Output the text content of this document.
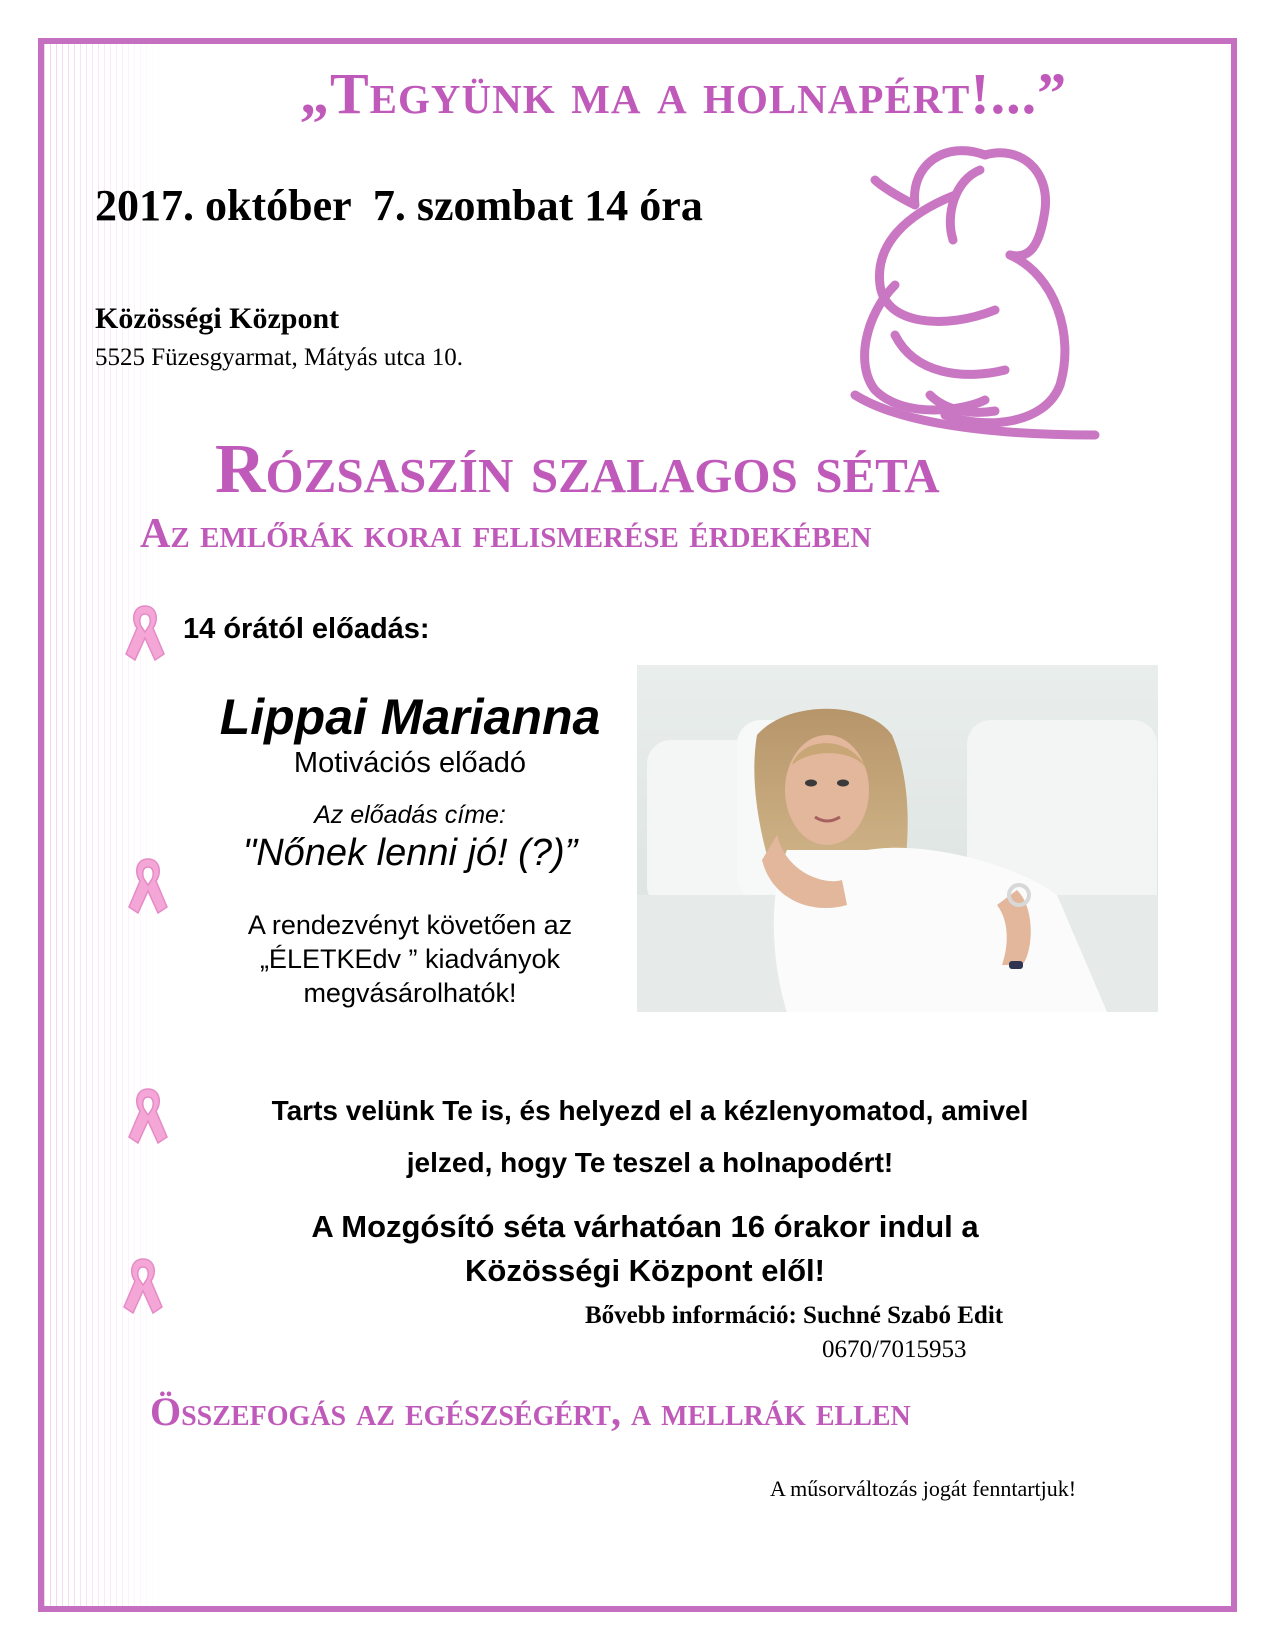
„Tegyünk ma a holnapért!...”
2017. október  7. szombat 14 óra
Közösségi Központ
5525 Füzesgyarmat, Mátyás utca 10.
Rózsaszín szalagos séta
Az emlőrák korai felismerése érdekében
14 órától előadás:
Lippai Marianna
Motivációs előadó
Az előadás címe:
"Nőnek lenni jó! (?)”
A rendezvényt követően az
„ÉLETKEdv ” kiadványok
megvásárolhatók!
Tarts velünk Te is, és helyezd el a kézlenyomatod, amivel
jelzed, hogy Te teszel a holnapodért!
A Mozgósító séta várhatóan 16 órakor indul a
Közösségi Központ elől!
Bővebb információ: Suchné Szabó Edit
0670/7015953
Összefogás az egészségért, a mellrák ellen
A műsorváltozás jogát fenntartjuk!
